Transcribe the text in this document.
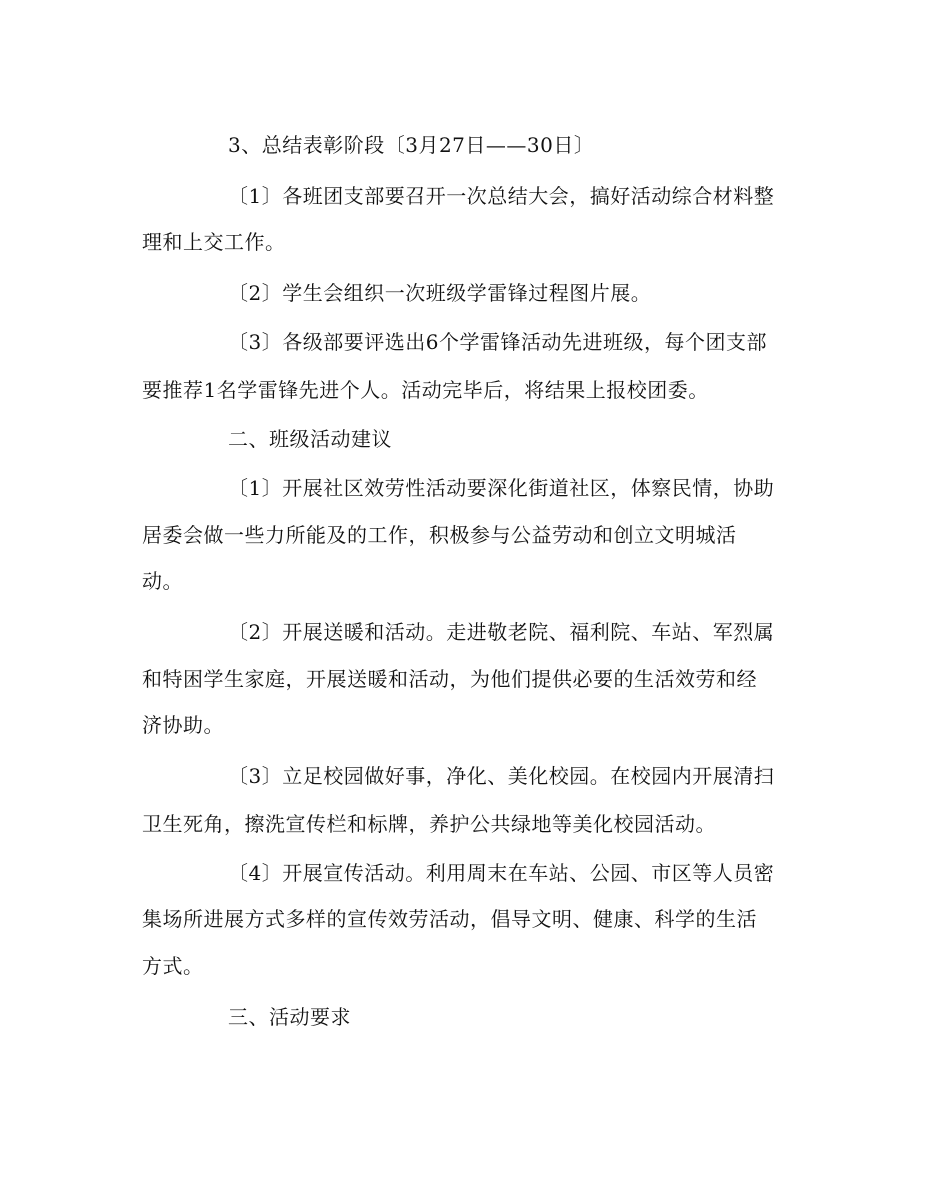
3、总结表彰阶段〔3月27日——30日〕
〔1〕各班团支部要召开一次总结大会，搞好活动综合材料整
理和上交工作。
〔2〕学生会组织一次班级学雷锋过程图片展。
〔3〕各级部要评选出6个学雷锋活动先进班级，每个团支部
要推荐1名学雷锋先进个人。活动完毕后，将结果上报校团委。
二、班级活动建议
〔1〕开展社区效劳性活动要深化街道社区，体察民情，协助
居委会做一些力所能及的工作，积极参与公益劳动和创立文明城活
动。
〔2〕开展送暖和活动。走进敬老院、福利院、车站、军烈属
和特困学生家庭，开展送暖和活动，为他们提供必要的生活效劳和经
济协助。
〔3〕立足校园做好事，净化、美化校园。在校园内开展清扫
卫生死角，擦洗宣传栏和标牌，养护公共绿地等美化校园活动。
〔4〕开展宣传活动。利用周末在车站、公园、市区等人员密
集场所进展方式多样的宣传效劳活动，倡导文明、健康、科学的生活
方式。
三、活动要求
